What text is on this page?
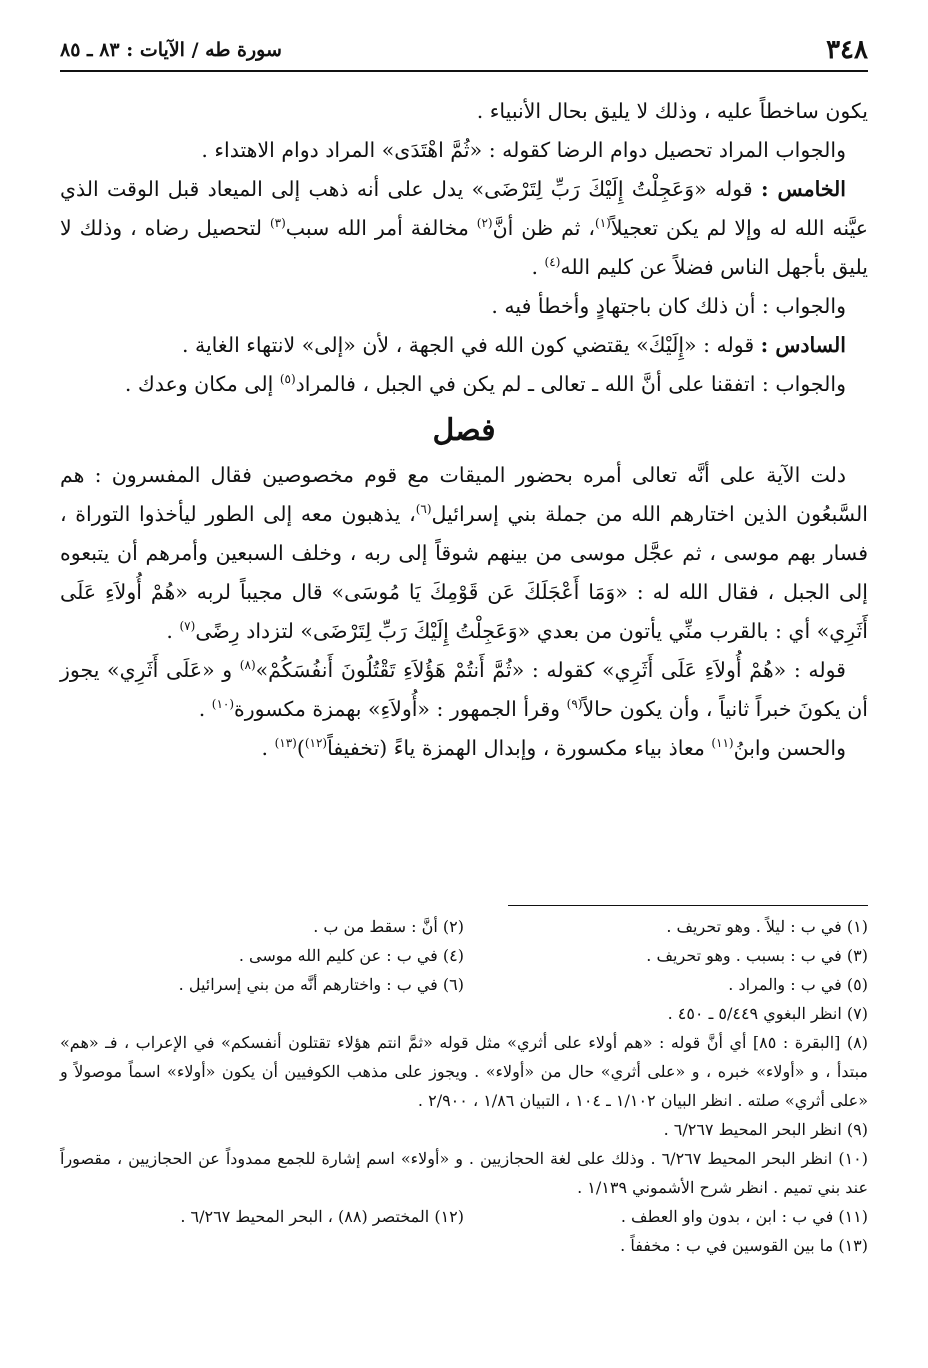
٣٤٨
سورة طه / الآيات : ٨٣ ـ ٨٥

يكون ساخطاً عليه ، وذلك لا يليق بحال الأنبياء .

والجواب المراد تحصيل دوام الرضا كقوله : «ثُمَّ اهْتَدَى» المراد دوام الاهتداء .

الخامس : قوله «وَعَجِلْتُ إِلَيْكَ رَبِّ لِتَرْضَى» يدل على أنه ذهب إلى الميعاد قبل الوقت الذي عيَّنه الله له وإلا لم يكن تعجيلاً$^{(١)}$، ثم ظن أنَّ$^{(٢)}$ مخالفة أمر الله سبب$^{(٣)}$ لتحصيل رضاه ، وذلك لا يليق بأجهل الناس فضلاً عن كليم الله$^{(٤)}$ .

والجواب : أن ذلك كان باجتهادٍ وأخطأ فيه .

السادس : قوله : «إِلَيْكَ» يقتضي كون الله في الجهة ، لأن «إلى» لانتهاء الغاية .

والجواب : اتفقنا على أنَّ الله ـ تعالى ـ لم يكن في الجبل ، فالمراد$^{(٥)}$ إلى مكان وعدك .

فصل

دلت الآية على أنَّه تعالى أمره بحضور الميقات مع قوم مخصوصين فقال المفسرون : هم السَّبعُون الذين اختارهم الله من جملة بني إسرائيل$^{(٦)}$، يذهبون معه إلى الطور ليأخذوا التوراة ، فسار بهم موسى ، ثم عجَّل موسى من بينهم شوقاً إلى ربه ، وخلف السبعين وأمرهم أن يتبعوه إلى الجبل ، فقال الله له : «وَمَا أَعْجَلَكَ عَن قَوْمِكَ يَا مُوسَى» قال مجيباً لربه «هُمْ أُولاَءِ عَلَى أَثَرِي» أي : بالقرب منِّي يأتون من بعدي «وَعَجِلْتُ إِلَيْكَ رَبِّ لِتَرْضَى» لتزداد رِضًى$^{(٧)}$ .

قوله : «هُمْ أُولاَءِ عَلَى أَثَرِي» كقوله : «ثُمَّ أَنتُمْ هَؤُلاَءِ تَقْتُلُونَ أَنفُسَكُمْ»$^{(٨)}$ و «عَلَى أَثَرِي» يجوز أن يكونَ خبراً ثانياً ، وأن يكون حالاً$^{(٩)}$ وقرأ الجمهور : «أُولاَءِ» بهمزة مكسورة$^{(١٠)}$ .

والحسن وابنُ$^{(١١)}$ معاذ بياء مكسورة ، وإبدال الهمزة ياءً (تخفيفاً$^{(١٢)}$)$^{(١٣)}$ .

(١) في ب : ليلاً . وهو تحريف .
(٢) أنَّ : سقط من ب .
(٣) في ب : بسبب . وهو تحريف .
(٤) في ب : عن كليم الله موسى .
(٥) في ب : والمراد .
(٦) في ب : واختارهم أنَّه من بني إسرائيل .
(٧) انظر البغوي ٥/٤٤٩ ـ ٤٥٠ .
(٨) [البقرة : ٨٥] أي أنَّ قوله : «هم أولاء على أثري» مثل قوله «ثمَّ انتم هؤلاء تقتلون أنفسكم» في الإعراب ، فـ «هم» مبتدأ ، و «أولاء» خبره ، و «على أثري» حال من «أولاء» . ويجوز على مذهب الكوفيين أن يكون «أولاء» اسماً موصولاً و «على أثري» صلته . انظر البيان ١/١٠٢ ـ ١٠٤ ، التبيان ١/٨٦ ، ٢/٩٠٠ .
(٩) انظر البحر المحيط ٦/٢٦٧ .
(١٠) انظر البحر المحيط ٦/٢٦٧ . وذلك على لغة الحجازيين . و «أولاء» اسم إشارة للجمع ممدوداً عن الحجازيين ، مقصوراً عند بني تميم . انظر شرح الأشموني ١/١٣٩ .
(١١) في ب : ابن ، بدون واو العطف .
(١٢) المختصر (٨٨) ، البحر المحيط ٦/٢٦٧ .
(١٣) ما بين القوسين في ب : مخففاً .
